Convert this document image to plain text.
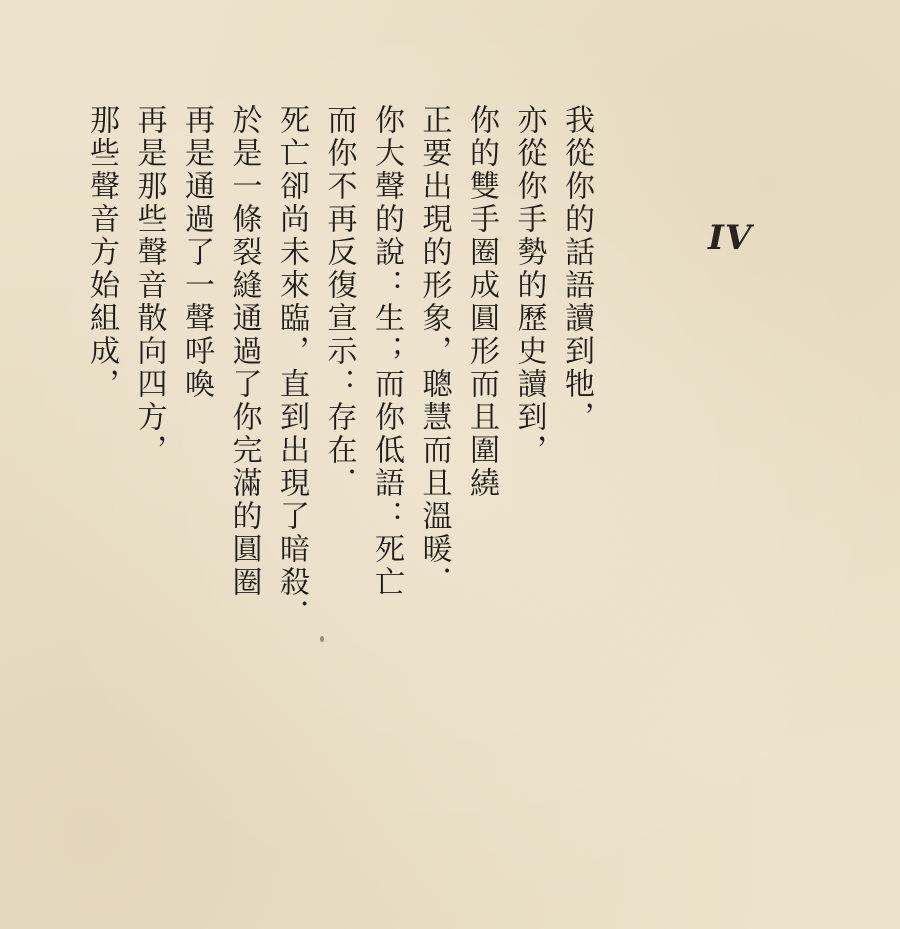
IV
我從你的話語讀到牠，
亦從你手勢的歷史讀到，
你的雙手圈成圓形而且圍繞
正要出現的形象，聰慧而且溫暖．
你大聲的說：生；而你低語：死亡
而你不再反復宣示：存在．
死亡卻尚未來臨，直到出現了暗殺．
於是一條裂縫通過了你完滿的圓圈
再是通過了一聲呼喚
再是那些聲音散向四方，
那些聲音方始組成，
